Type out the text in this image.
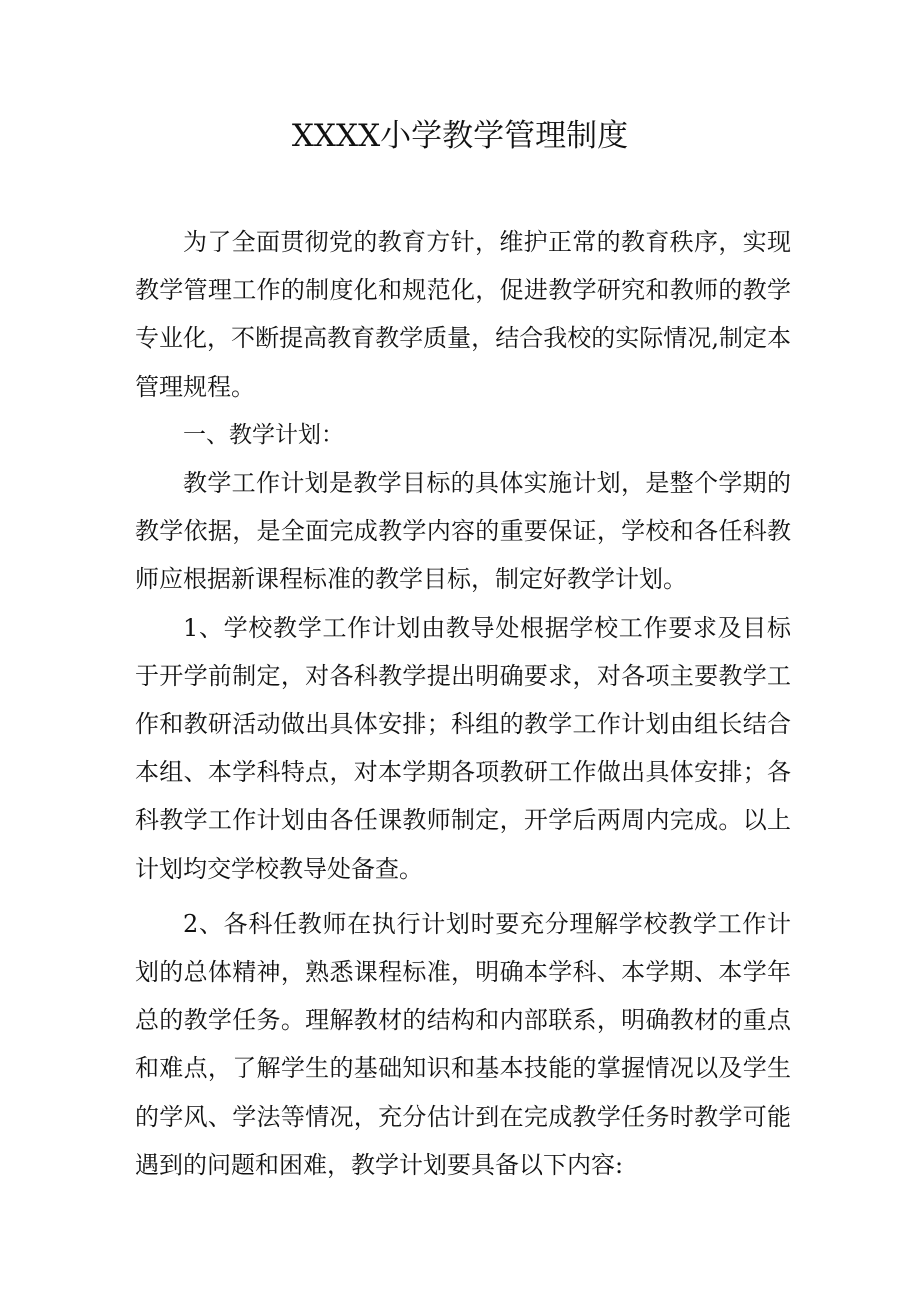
XXXX小学教学管理制度

为了全面贯彻党的教育方针，维护正常的教育秩序，实现教学管理工作的制度化和规范化，促进教学研究和教师的教学专业化，不断提高教育教学质量，结合我校的实际情况,制定本管理规程。

一、教学计划：

教学工作计划是教学目标的具体实施计划，是整个学期的教学依据，是全面完成教学内容的重要保证，学校和各任科教师应根据新课程标准的教学目标，制定好教学计划。

1、学校教学工作计划由教导处根据学校工作要求及目标于开学前制定，对各科教学提出明确要求，对各项主要教学工作和教研活动做出具体安排；科组的教学工作计划由组长结合本组、本学科特点，对本学期各项教研工作做出具体安排；各科教学工作计划由各任课教师制定，开学后两周内完成。以上计划均交学校教导处备查。

2、各科任教师在执行计划时要充分理解学校教学工作计划的总体精神，熟悉课程标准，明确本学科、本学期、本学年总的教学任务。理解教材的结构和内部联系，明确教材的重点和难点，了解学生的基础知识和基本技能的掌握情况以及学生的学风、学法等情况，充分估计到在完成教学任务时教学可能遇到的问题和困难，教学计划要具备以下内容:
